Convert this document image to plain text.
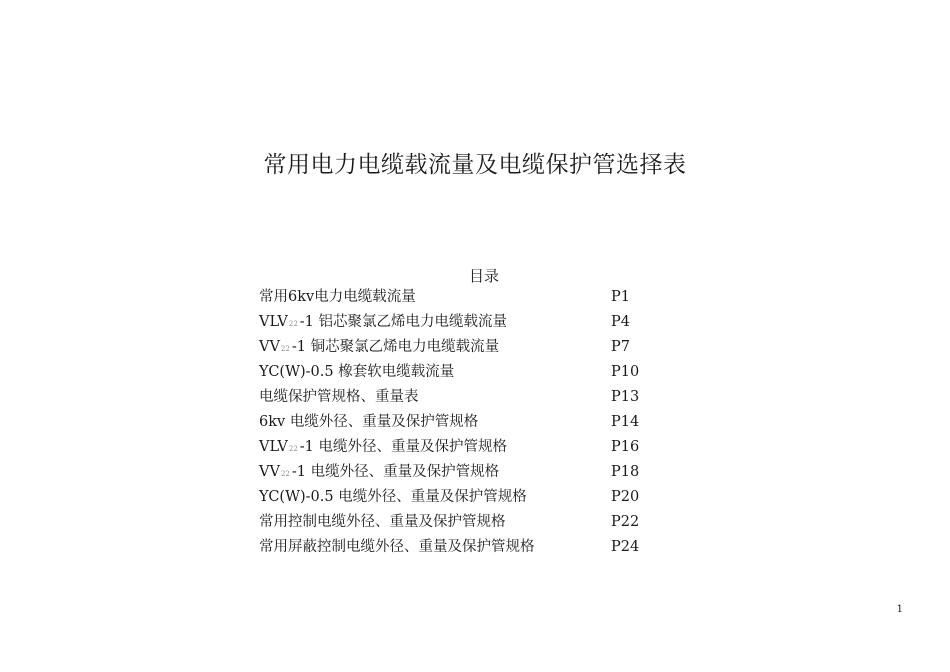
常用电力电缆载流量及电缆保护管选择表
目录
常用6kv电力电缆载流量	P1
VLV22 -1 铝芯聚氯乙烯电力电缆载流量	P4
VV22 -1 铜芯聚氯乙烯电力电缆载流量	P7
YC(W)-0.5 橡套软电缆载流量	P10
电缆保护管规格、重量表	P13
6kv 电缆外径、重量及保护管规格	P14
VLV22 -1 电缆外径、重量及保护管规格	P16
VV22 -1 电缆外径、重量及保护管规格	P18
YC(W)-0.5 电缆外径、重量及保护管规格	P20
常用控制电缆外径、重量及保护管规格	P22
常用屏蔽控制电缆外径、重量及保护管规格	P24
1
